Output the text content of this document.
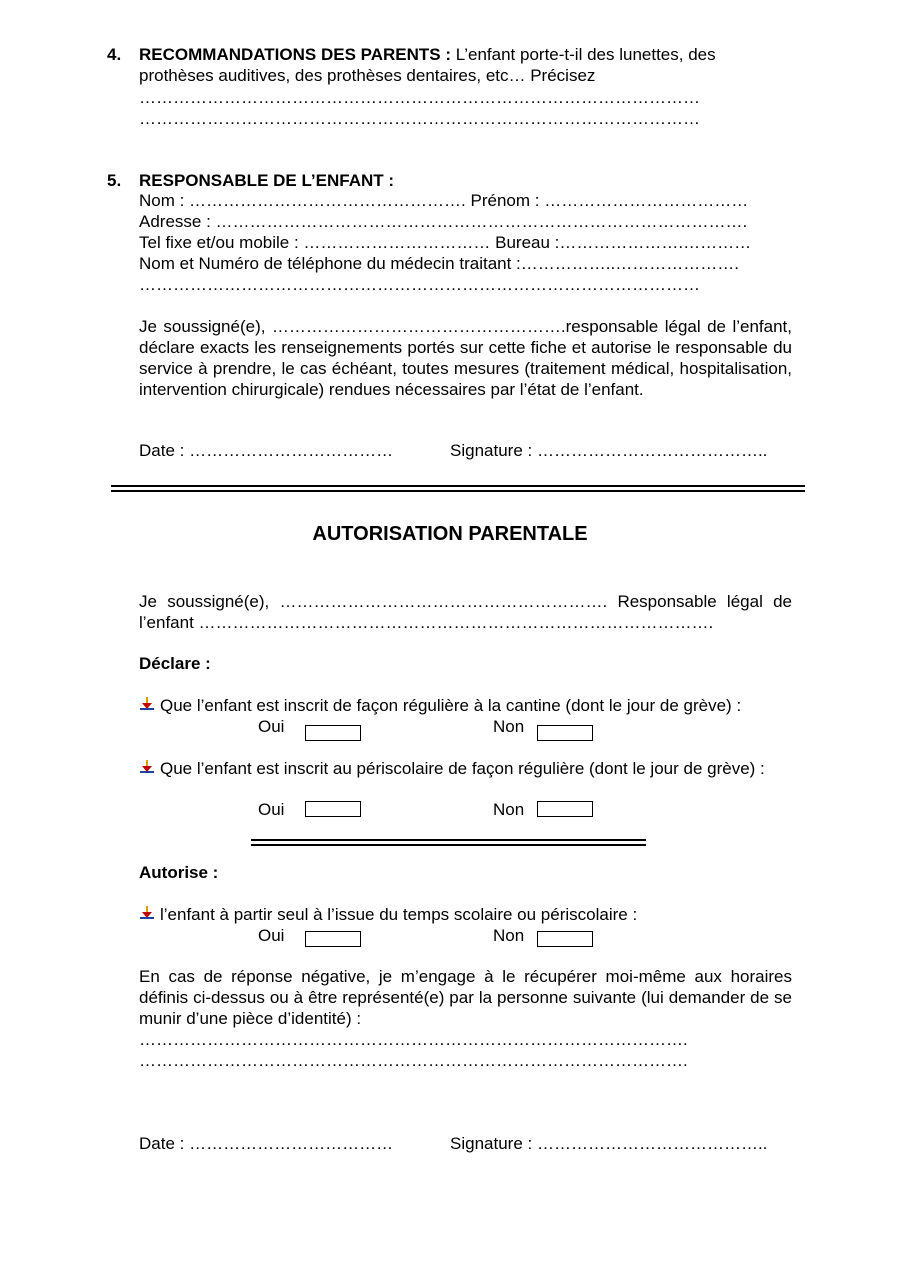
4. RECOMMANDATIONS DES PARENTS : L’enfant porte-t-il des lunettes, des
prothèses auditives, des prothèses dentaires, etc… Précisez
………………………………………………………………………………………
………………………………………………………………………………………
5. RESPONSABLE DE L’ENFANT :
Nom : …………………………………………. Prénom : ………………………………
Adresse : ………………………………………………………………………………….
Tel fixe et/ou mobile : …………………………… Bureau :………………….…………
Nom et Numéro de téléphone du médecin traitant :……………..………………….
………………………………………………………………………………………
Je soussigné(e), …………………………………………….responsable légal de l’enfant, déclare exacts les renseignements portés sur cette fiche et autorise le responsable du service à prendre, le cas échéant, toutes mesures (traitement médical, hospitalisation, intervention chirurgicale) rendues nécessaires par l’état de l’enfant.
Date : ………………………………	Signature : …………………………………..
AUTORISATION PARENTALE
Je soussigné(e), …………………………………………………. Responsable légal de l’enfant ……………………………………………………………………………….
Déclare :
Que l’enfant est inscrit de façon régulière à la cantine (dont le jour de grève) :
Oui	Non
Que l’enfant est inscrit au périscolaire de façon régulière (dont le jour de grève) :
Oui	Non
Autorise :
l’enfant à partir seul à l’issue du temps scolaire ou périscolaire :
Oui	Non
En cas de réponse négative, je m’engage à le récupérer moi-même aux horaires définis ci-dessus ou à être représenté(e) par la personne suivante (lui demander de se munir d’une pièce d’identité) :
…………………………………………………………………………………….
…………………………………………………………………………………….
Date : ………………………………	Signature : …………………………………..
